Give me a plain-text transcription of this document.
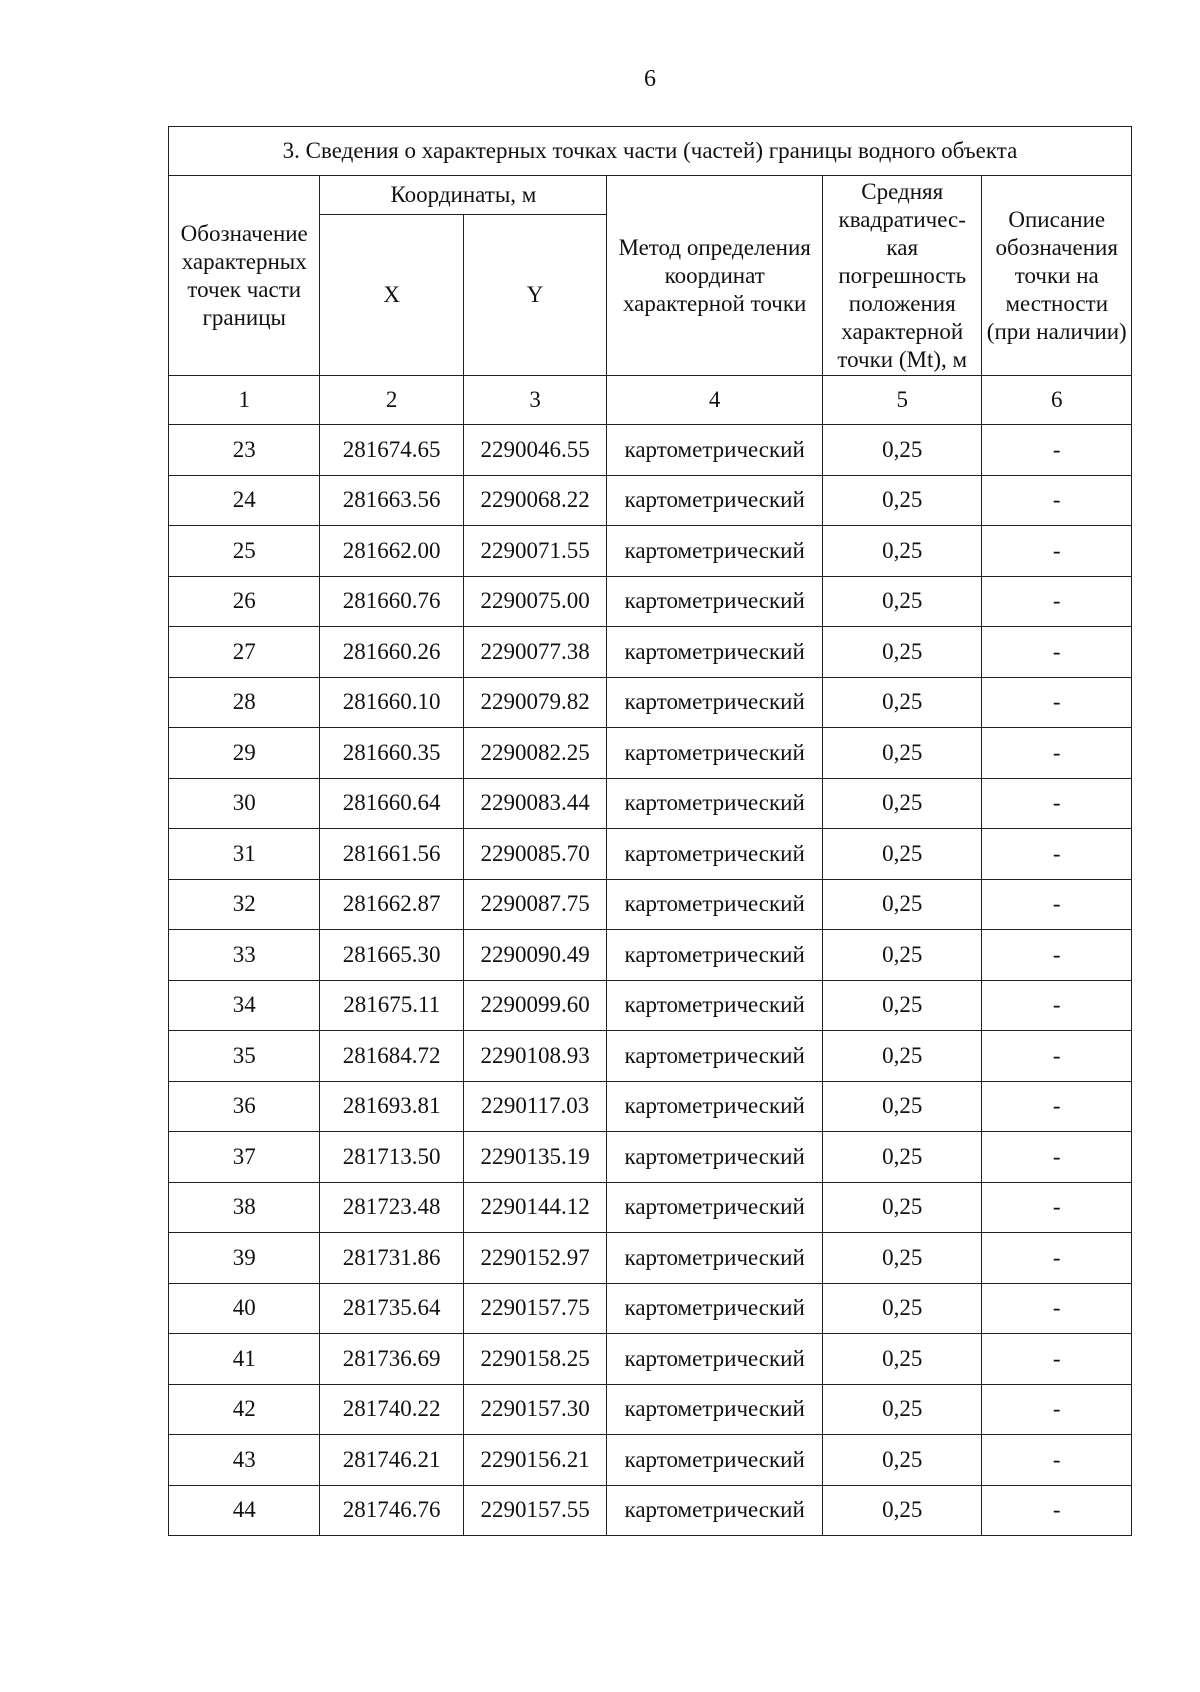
6
3. Сведения о характерных точках части (частей) границы водного объекта					
Обозначение характерных точек части границы	Координаты, м		Метод определения координат характерной точки	Средняя квадратичес-кая погрешность положения характерной точки (Mt), м	Описание обозначения точки на местности (при наличии)
	X	Y			
1	2	3	4	5	6
23	281674.65	2290046.55	картометрический	0,25	-
24	281663.56	2290068.22	картометрический	0,25	-
25	281662.00	2290071.55	картометрический	0,25	-
26	281660.76	2290075.00	картометрический	0,25	-
27	281660.26	2290077.38	картометрический	0,25	-
28	281660.10	2290079.82	картометрический	0,25	-
29	281660.35	2290082.25	картометрический	0,25	-
30	281660.64	2290083.44	картометрический	0,25	-
31	281661.56	2290085.70	картометрический	0,25	-
32	281662.87	2290087.75	картометрический	0,25	-
33	281665.30	2290090.49	картометрический	0,25	-
34	281675.11	2290099.60	картометрический	0,25	-
35	281684.72	2290108.93	картометрический	0,25	-
36	281693.81	2290117.03	картометрический	0,25	-
37	281713.50	2290135.19	картометрический	0,25	-
38	281723.48	2290144.12	картометрический	0,25	-
39	281731.86	2290152.97	картометрический	0,25	-
40	281735.64	2290157.75	картометрический	0,25	-
41	281736.69	2290158.25	картометрический	0,25	-
42	281740.22	2290157.30	картометрический	0,25	-
43	281746.21	2290156.21	картометрический	0,25	-
44	281746.76	2290157.55	картометрический	0,25	-
